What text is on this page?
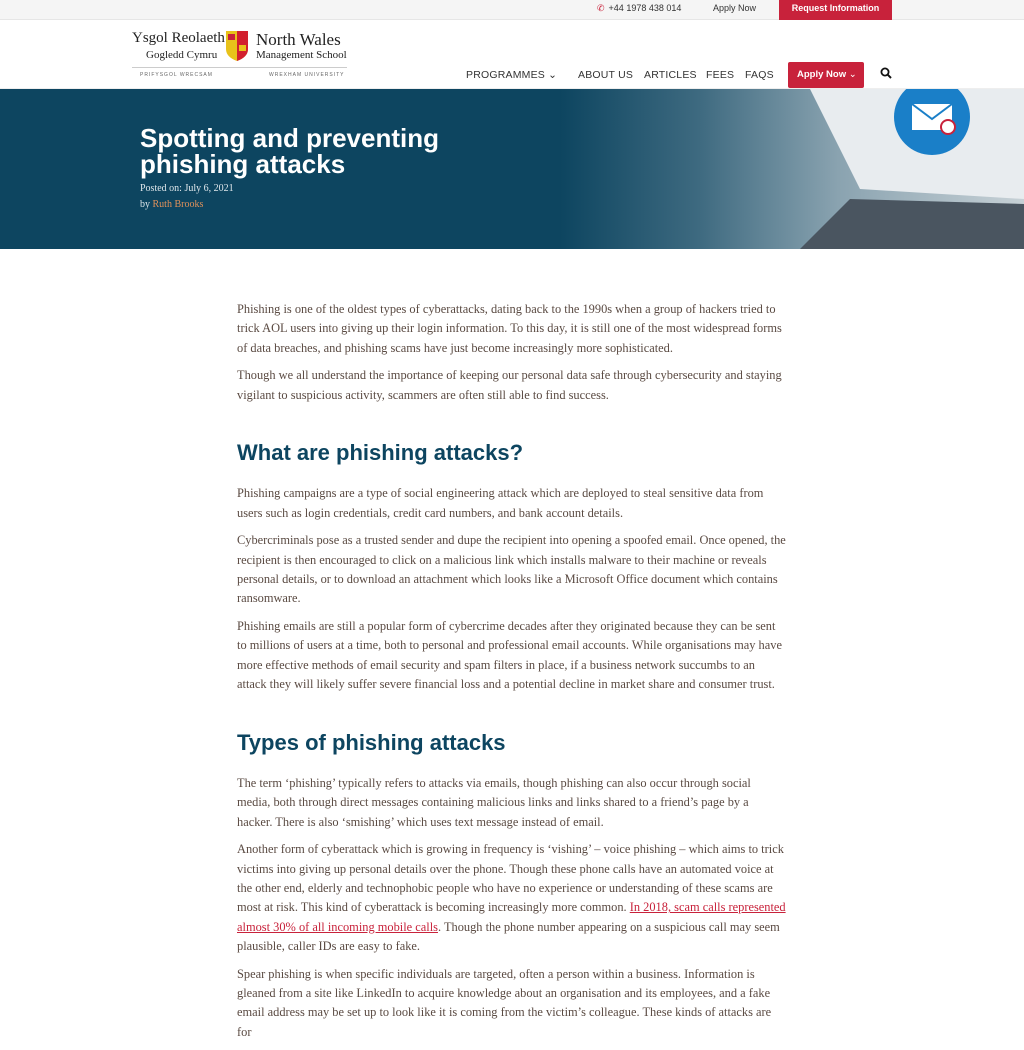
✆ +44 1978 438 014	Apply Now	Request Information
Ysgol Reolaeth
Gogledd Cymru
North Wales
Management School
PRIFYSGOL WRECSAM	WREXHAM UNIVERSITY	PROGRAMMES ⌄ ABOUT US ARTICLES FEES FAQS	Apply Now ⌄
Spotting and preventing phishing attacks
Posted on: July 6, 2021
by Ruth Brooks

Phishing is one of the oldest types of cyberattacks, dating back to the 1990s when a group of hackers tried to trick AOL users into giving up their login information. To this day, it is still one of the most widespread forms of data breaches, and phishing scams have just become increasingly more sophisticated.

Though we all understand the importance of keeping our personal data safe through cybersecurity and staying vigilant to suspicious activity, scammers are often still able to find success.

What are phishing attacks?

Phishing campaigns are a type of social engineering attack which are deployed to steal sensitive data from users such as login credentials, credit card numbers, and bank account details.

Cybercriminals pose as a trusted sender and dupe the recipient into opening a spoofed email. Once opened, the recipient is then encouraged to click on a malicious link which installs malware to their machine or reveals personal details, or to download an attachment which looks like a Microsoft Office document which contains ransomware.

Phishing emails are still a popular form of cybercrime decades after they originated because they can be sent to millions of users at a time, both to personal and professional email accounts. While organisations may have more effective methods of email security and spam filters in place, if a business network succumbs to an attack they will likely suffer severe financial loss and a potential decline in market share and consumer trust.

Types of phishing attacks

The term ‘phishing’ typically refers to attacks via emails, though phishing can also occur through social media, both through direct messages containing malicious links and links shared to a friend’s page by a hacker. There is also ‘smishing’ which uses text message instead of email.

Another form of cyberattack which is growing in frequency is ‘vishing’ – voice phishing – which aims to trick victims into giving up personal details over the phone. Though these phone calls have an automated voice at the other end, elderly and technophobic people who have no experience or understanding of these scams are most at risk. This kind of cyberattack is becoming increasingly more common. In 2018, scam calls represented almost 30% of all incoming mobile calls. Though the phone number appearing on a suspicious call may seem plausible, caller IDs are easy to fake.

Spear phishing is when specific individuals are targeted, often a person within a business. Information is gleaned from a site like LinkedIn to acquire knowledge about an organisation and its employees, and a fake email address may be set up to look like it is coming from the victim’s colleague. These kinds of attacks are for
